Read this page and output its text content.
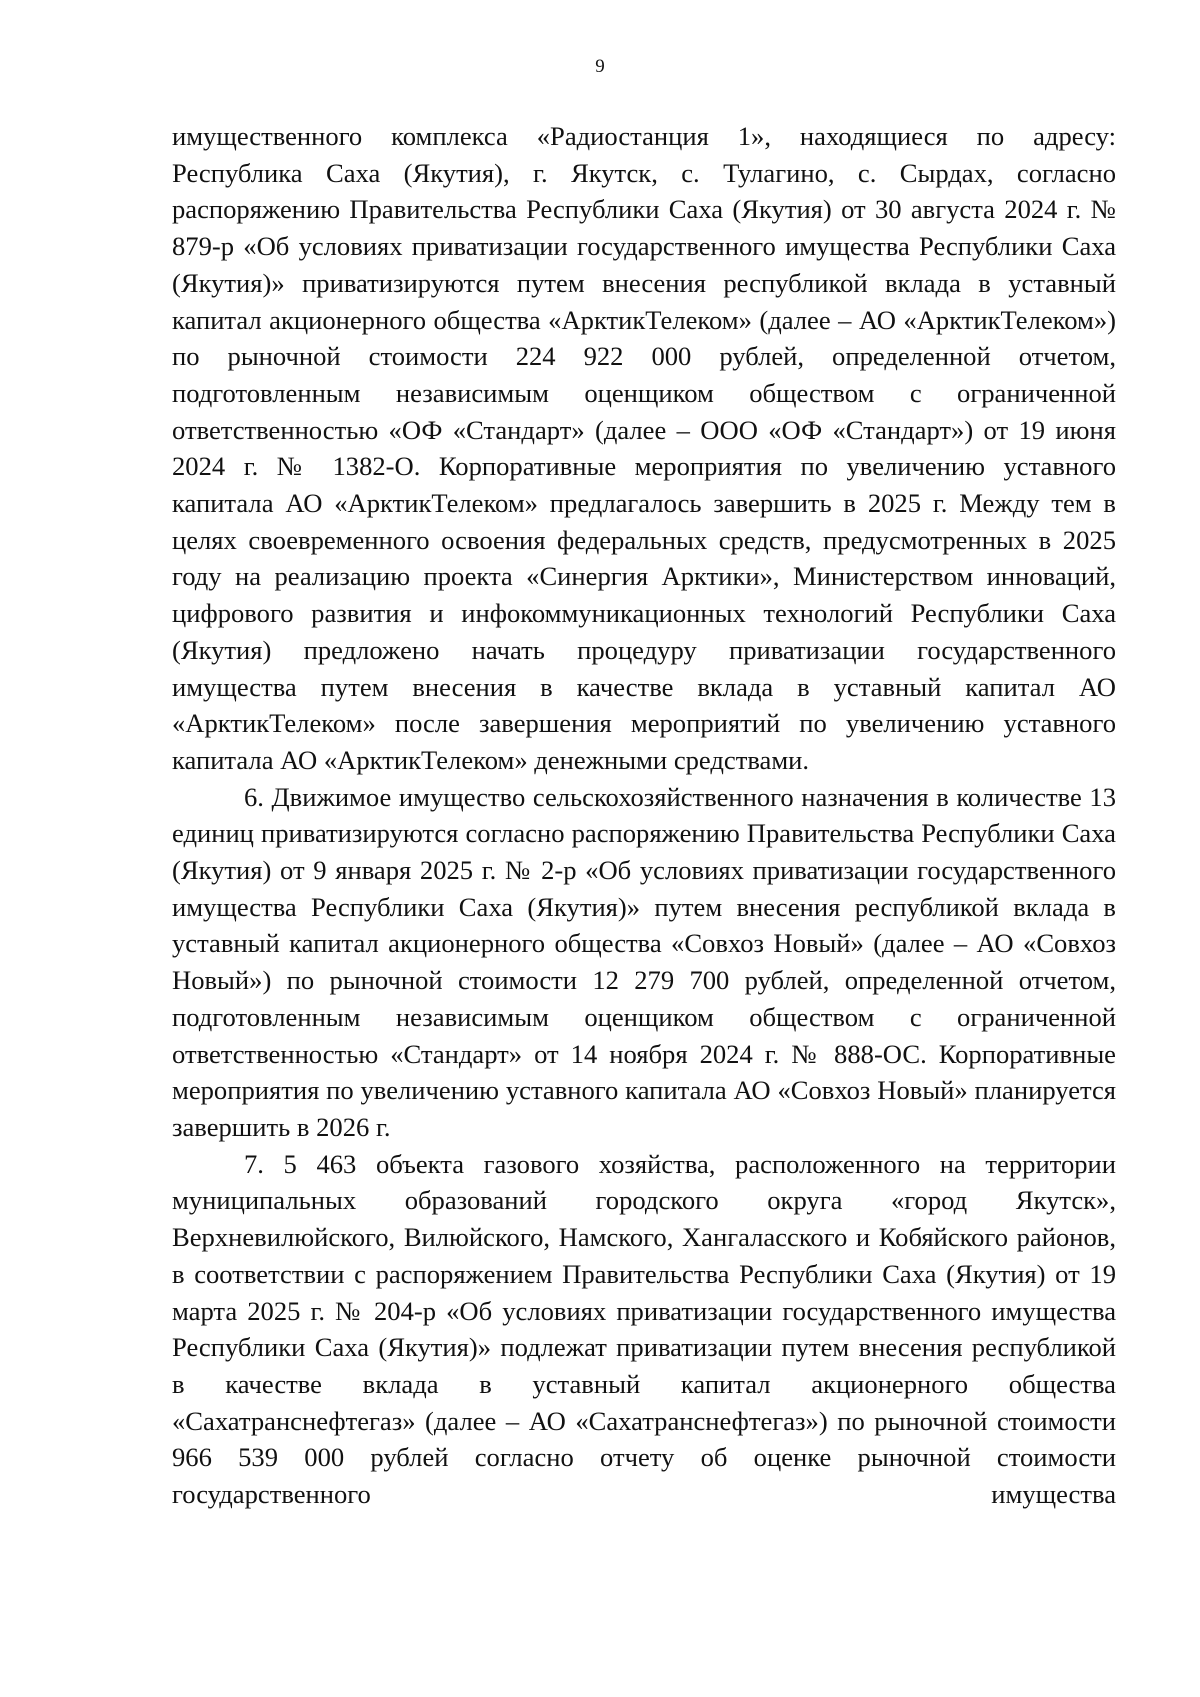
9

имущественного комплекса «Радиостанция 1», находящиеся по адресу: Республика Саха (Якутия), г. Якутск, с. Тулагино, с. Сырдах, согласно распоряжению Правительства Республики Саха (Якутия) от 30 августа 2024 г. № 879-р «Об условиях приватизации государственного имущества Республики Саха (Якутия)» приватизируются путем внесения республикой вклада в уставный капитал акционерного общества «АрктикТелеком» (далее – АО «АрктикТелеком») по рыночной стоимости 224 922 000 рублей, определенной отчетом, подготовленным независимым оценщиком обществом с ограниченной ответственностью «ОФ «Стандарт» (далее – ООО «ОФ «Стандарт») от 19 июня 2024 г. № 1382-О. Корпоративные мероприятия по увеличению уставного капитала АО «АрктикТелеком» предлагалось завершить в 2025 г. Между тем в целях своевременного освоения федеральных средств, предусмотренных в 2025 году на реализацию проекта «Синергия Арктики», Министерством инноваций, цифрового развития и инфокоммуникационных технологий Республики Саха (Якутия) предложено начать процедуру приватизации государственного имущества путем внесения в качестве вклада в уставный капитал АО «АрктикТелеком» после завершения мероприятий по увеличению уставного капитала АО «АрктикТелеком» денежными средствами.

6. Движимое имущество сельскохозяйственного назначения в количестве 13 единиц приватизируются согласно распоряжению Правительства Республики Саха (Якутия) от 9 января 2025 г. № 2-р «Об условиях приватизации государственного имущества Республики Саха (Якутия)» путем внесения республикой вклада в уставный капитал акционерного общества «Совхоз Новый» (далее – АО «Совхоз Новый») по рыночной стоимости 12 279 700 рублей, определенной отчетом, подготовленным независимым оценщиком обществом с ограниченной ответственностью «Стандарт» от 14 ноября 2024 г. № 888-ОС. Корпоративные мероприятия по увеличению уставного капитала АО «Совхоз Новый» планируется завершить в 2026 г.

7. 5 463 объекта газового хозяйства, расположенного на территории муниципальных образований городского округа «город Якутск», Верхневилюйского, Вилюйского, Намского, Хангаласского и Кобяйского районов, в соответствии с распоряжением Правительства Республики Саха (Якутия) от 19 марта 2025 г. № 204-р «Об условиях приватизации государственного имущества Республики Саха (Якутия)» подлежат приватизации путем внесения республикой в качестве вклада в уставный капитал акционерного общества «Сахатранснефтегаз» (далее – АО «Сахатранснефтегаз») по рыночной стоимости 966 539 000 рублей согласно отчету об оценке рыночной стоимости государственного имущества
